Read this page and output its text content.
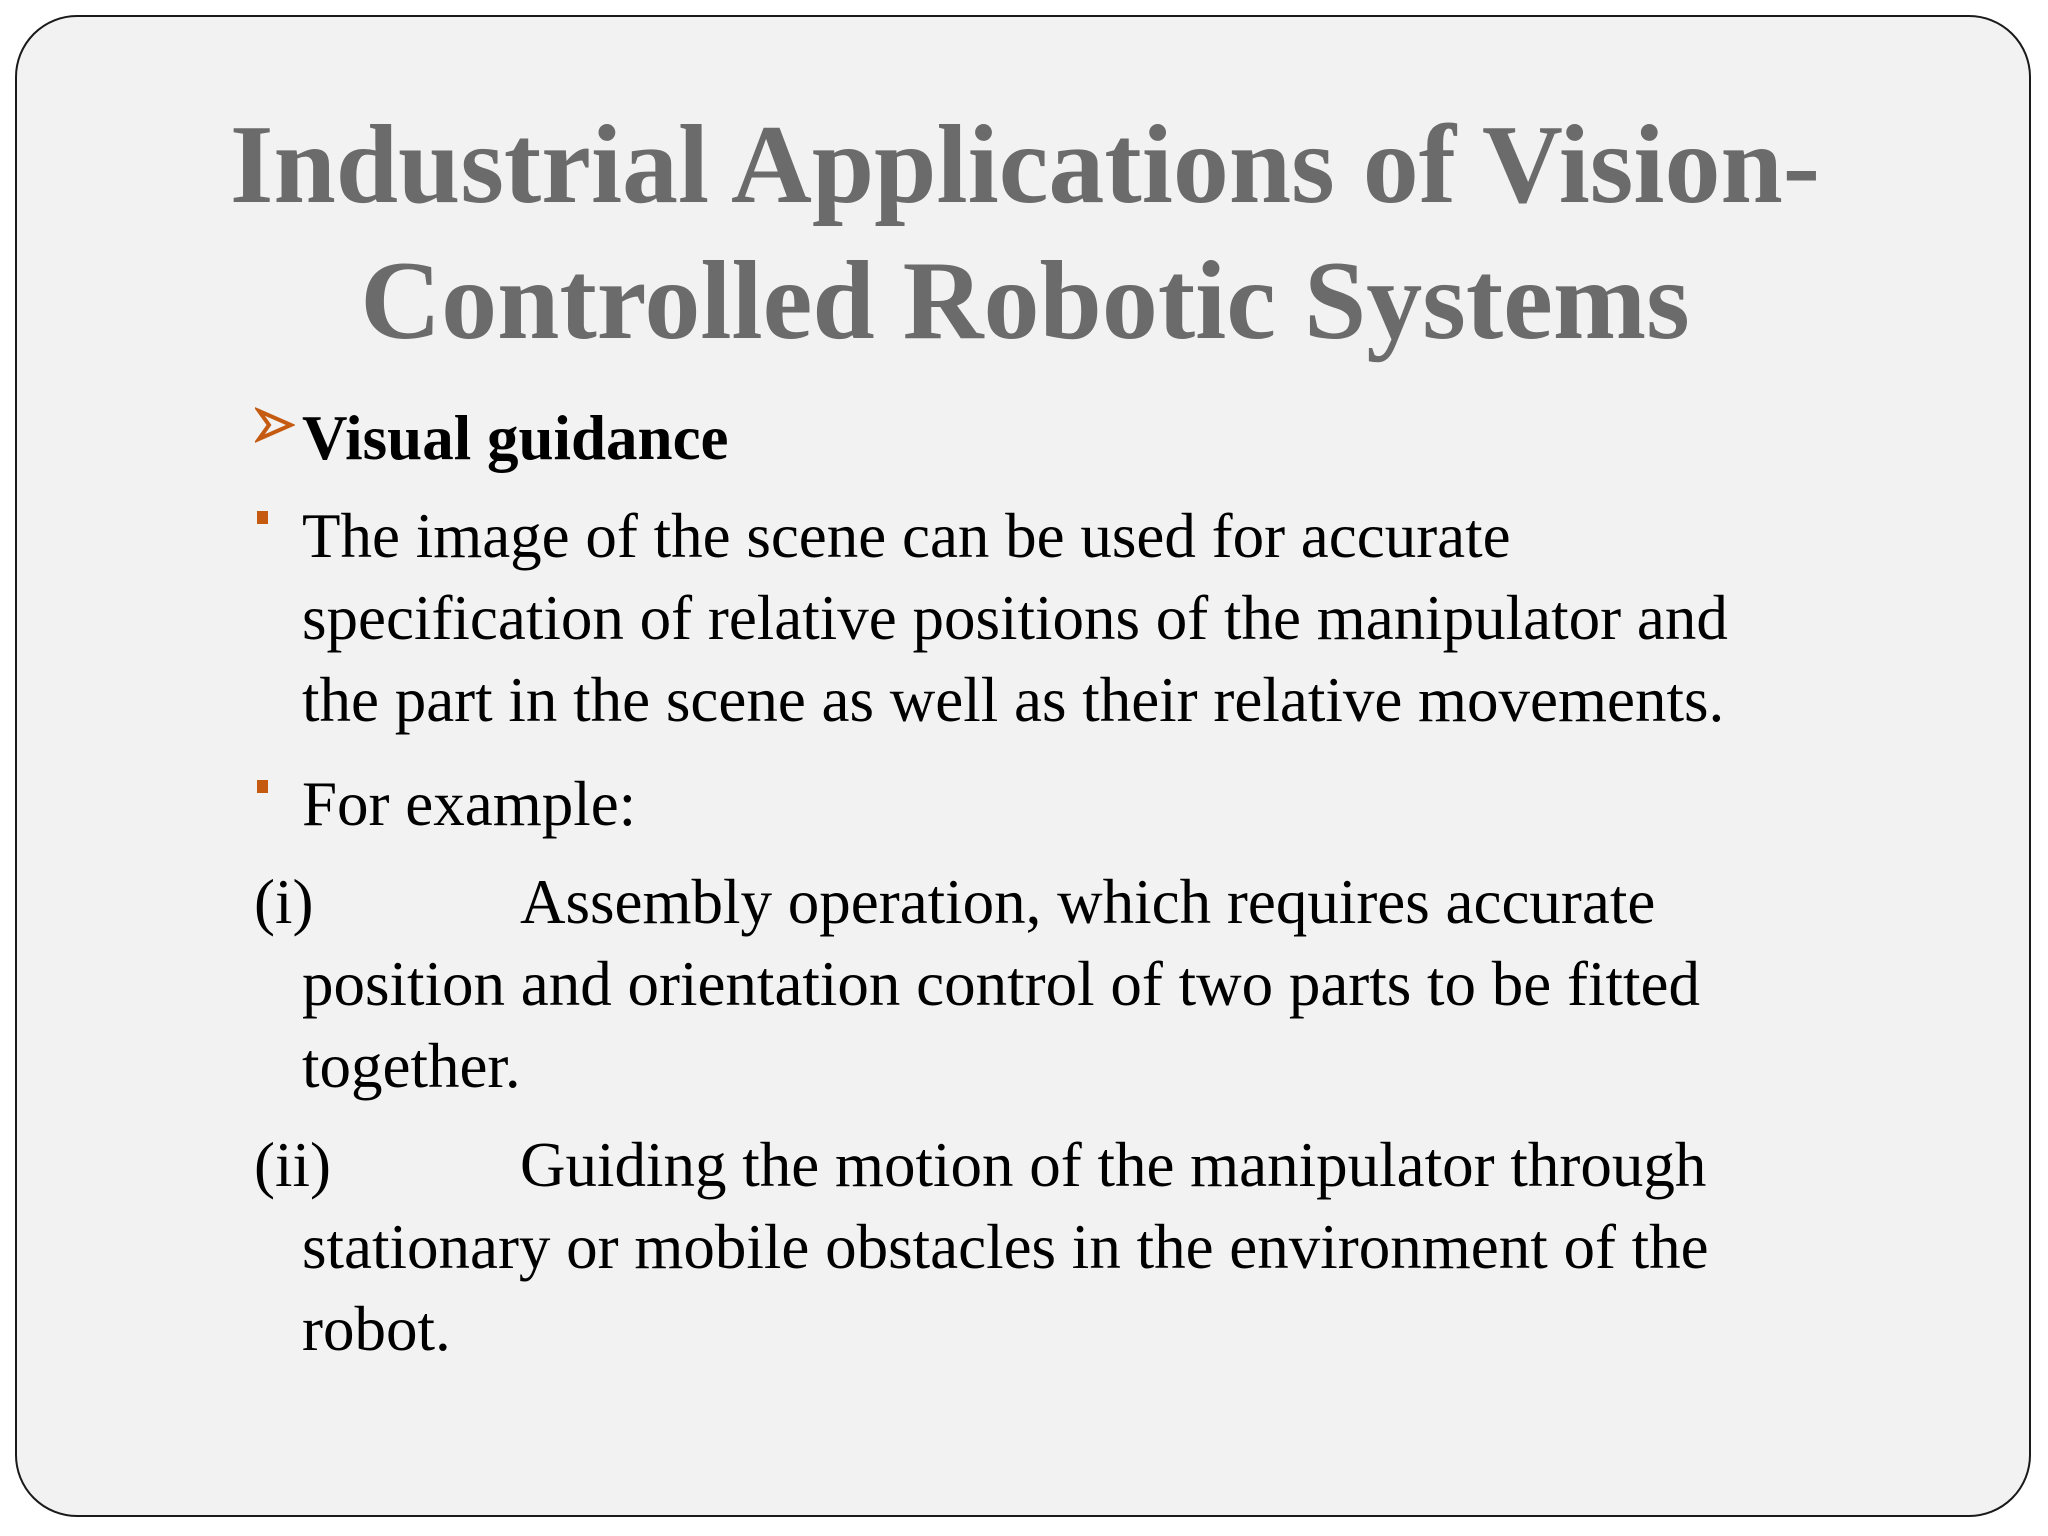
Industrial Applications of Vision-
Controlled Robotic Systems
Visual guidance
The image of the scene can be used for accurate
specification of relative positions of the manipulator and
the part in the scene as well as their relative movements.
For example:
(i)	Assembly operation, which requires accurate
position and orientation control of two parts to be fitted
together.
(ii)	Guiding the motion of the manipulator through
stationary or mobile obstacles in the environment of the
robot.
